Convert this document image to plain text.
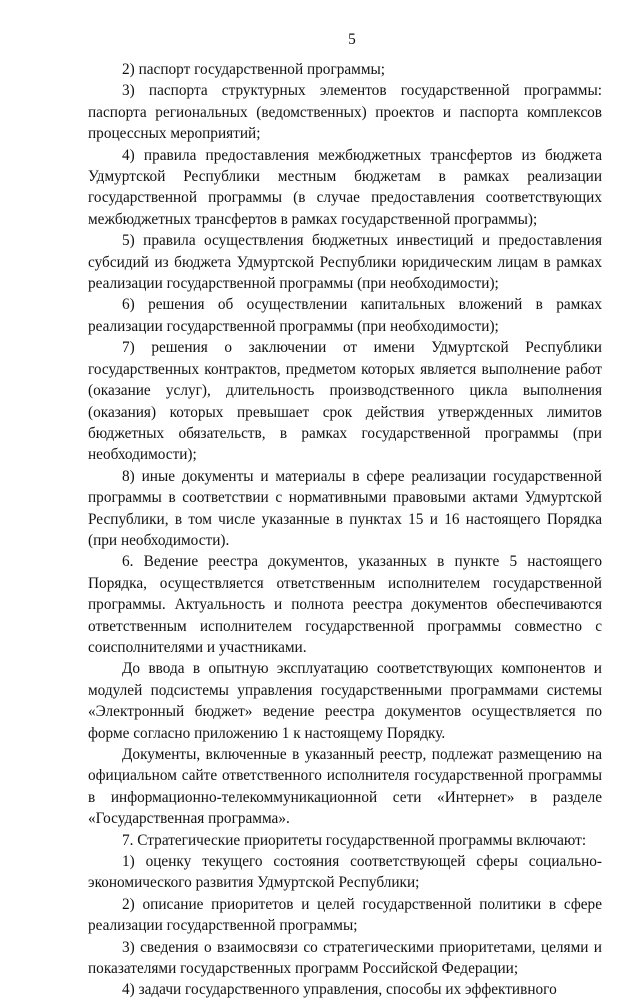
5

2) паспорт государственной программы;

3) паспорта структурных элементов государственной программы: паспорта региональных (ведомственных) проектов и паспорта комплексов процессных мероприятий;

4) правила предоставления межбюджетных трансфертов из бюджета Удмуртской Республики местным бюджетам в рамках реализации государственной программы (в случае предоставления соответствующих межбюджетных трансфертов в рамках государственной программы);

5) правила осуществления бюджетных инвестиций и предоставления субсидий из бюджета Удмуртской Республики юридическим лицам в рамках реализации государственной программы (при необходимости);

6) решения об осуществлении капитальных вложений в рамках реализации государственной программы (при необходимости);

7) решения о заключении от имени Удмуртской Республики государственных контрактов, предметом которых является выполнение работ (оказание услуг), длительность производственного цикла выполнения (оказания) которых превышает срок действия утвержденных лимитов бюджетных обязательств, в рамках государственной программы (при необходимости);

8) иные документы и материалы в сфере реализации государственной программы в соответствии с нормативными правовыми актами Удмуртской Республики, в том числе указанные в пунктах 15 и 16 настоящего Порядка (при необходимости).

6. Ведение реестра документов, указанных в пункте 5 настоящего Порядка, осуществляется ответственным исполнителем государственной программы. Актуальность и полнота реестра документов обеспечиваются ответственным исполнителем государственной программы совместно с соисполнителями и участниками.

До ввода в опытную эксплуатацию соответствующих компонентов и модулей подсистемы управления государственными программами системы «Электронный бюджет» ведение реестра документов осуществляется по форме согласно приложению 1 к настоящему Порядку.

Документы, включенные в указанный реестр, подлежат размещению на официальном сайте ответственного исполнителя государственной программы в информационно-телекоммуникационной сети «Интернет» в разделе «Государственная программа».

7. Стратегические приоритеты государственной программы включают:

1) оценку текущего состояния соответствующей сферы социально-экономического развития Удмуртской Республики;

2) описание приоритетов и целей государственной политики в сфере реализации государственной программы;

3) сведения о взаимосвязи со стратегическими приоритетами, целями и показателями государственных программ Российской Федерации;

4) задачи государственного управления, способы их эффективного
